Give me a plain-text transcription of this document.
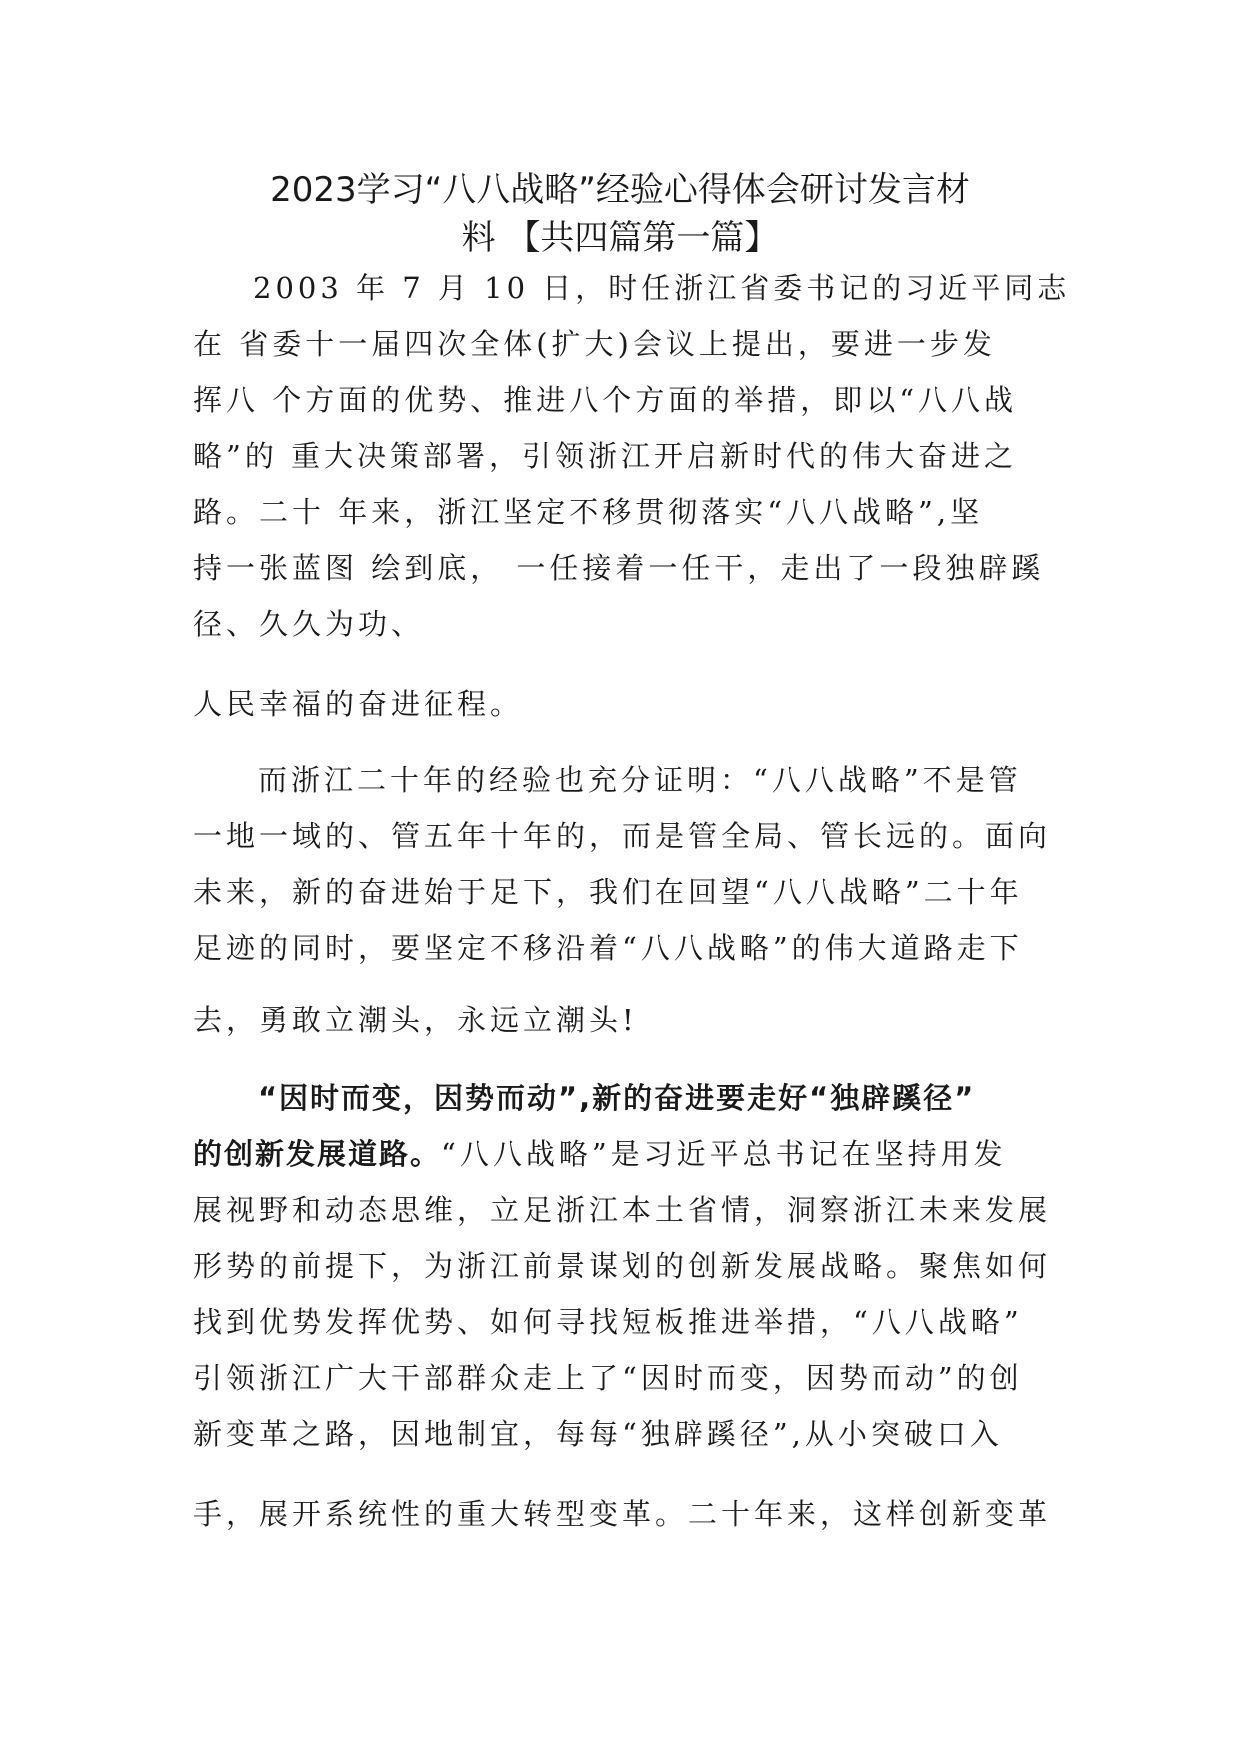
2023学习“八八战略”经验心得体会研讨发言材
料 【共四篇第一篇】
2003 年 7 月 10 日，时任浙江省委书记的习近平同志
在 省委十一届四次全体(扩大)会议上提出，要进一步发
挥八 个方面的优势、推进八个方面的举措，即以“八八战
略”的 重大决策部署，引领浙江开启新时代的伟大奋进之
路。二十 年来，浙江坚定不移贯彻落实“八八战略”,坚
持一张蓝图 绘到底， 一任接着一任干，走出了一段独辟蹊
径、久久为功、
人民幸福的奋进征程。
而浙江二十年的经验也充分证明：“八八战略”不是管
一地一域的、管五年十年的，而是管全局、管长远的。面向
未来，新的奋进始于足下，我们在回望“八八战略”二十年
足迹的同时，要坚定不移沿着“八八战略”的伟大道路走下
去，勇敢立潮头，永远立潮头!
“因时而变，因势而动”,新的奋进要走好“独辟蹊径”
的创新发展道路。“八八战略”是习近平总书记在坚持用发
展视野和动态思维，立足浙江本土省情，洞察浙江未来发展
形势的前提下，为浙江前景谋划的创新发展战略。聚焦如何
找到优势发挥优势、如何寻找短板推进举措，“八八战略”
引领浙江广大干部群众走上了“因时而变，因势而动”的创
新变革之路，因地制宜，每每“独辟蹊径”,从小突破口入
手，展开系统性的重大转型变革。二十年来，这样创新变革
